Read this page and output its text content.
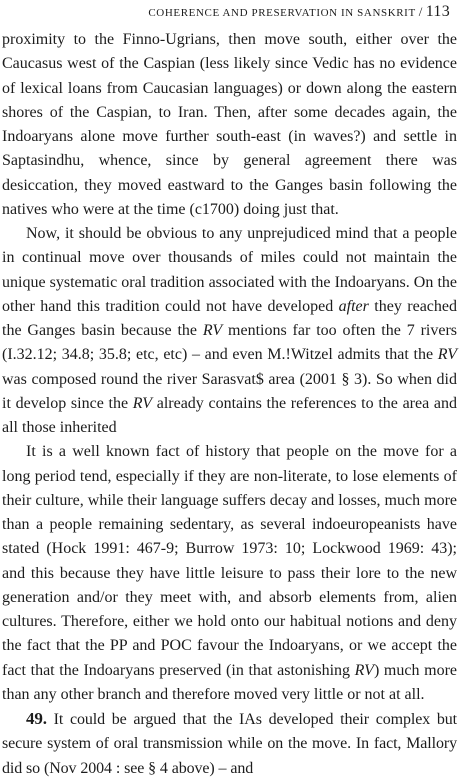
COHERENCE AND PRESERVATION IN SANSKRIT / 113

proximity to the Finno-Ugrians, then move south, either over the Caucasus west of the Caspian (less likely since Vedic has no evidence of lexical loans from Caucasian languages) or down along the eastern shores of the Caspian, to Iran. Then, after some decades again, the Indoaryans alone move further south-east (in waves?) and settle in Saptasindhu, whence, since by general agreement there was desiccation, they moved eastward to the Ganges basin following the natives who were at the time (c1700) doing just that.

Now, it should be obvious to any unprejudiced mind that a people in continual move over thousands of miles could not maintain the unique systematic oral tradition associated with the Indoaryans. On the other hand this tradition could not have developed after they reached the Ganges basin because the RV mentions far too often the 7 rivers (I.32.12; 34.8; 35.8; etc, etc) – and even M.!Witzel admits that the RV was composed round the river Sarasvat$ area (2001 § 3). So when did it develop since the RV already contains the references to the area and all those inherited

It is a well known fact of history that people on the move for a long period tend, especially if they are non-literate, to lose elements of their culture, while their language suffers decay and losses, much more than a people remaining sedentary, as several indoeuropeanists have stated (Hock 1991: 467-9; Burrow 1973: 10; Lockwood 1969: 43); and this because they have little leisure to pass their lore to the new generation and/or they meet with, and absorb elements from, alien cultures. Therefore, either we hold onto our habitual notions and deny the fact that the PP and POC favour the Indoaryans, or we accept the fact that the Indoaryans preserved (in that astonishing RV) much more than any other branch and therefore moved very little or not at all.

49. It could be argued that the IAs developed their complex but secure system of oral transmission while on the move. In fact, Mallory did so (Nov 2004 : see § 4 above) – and
